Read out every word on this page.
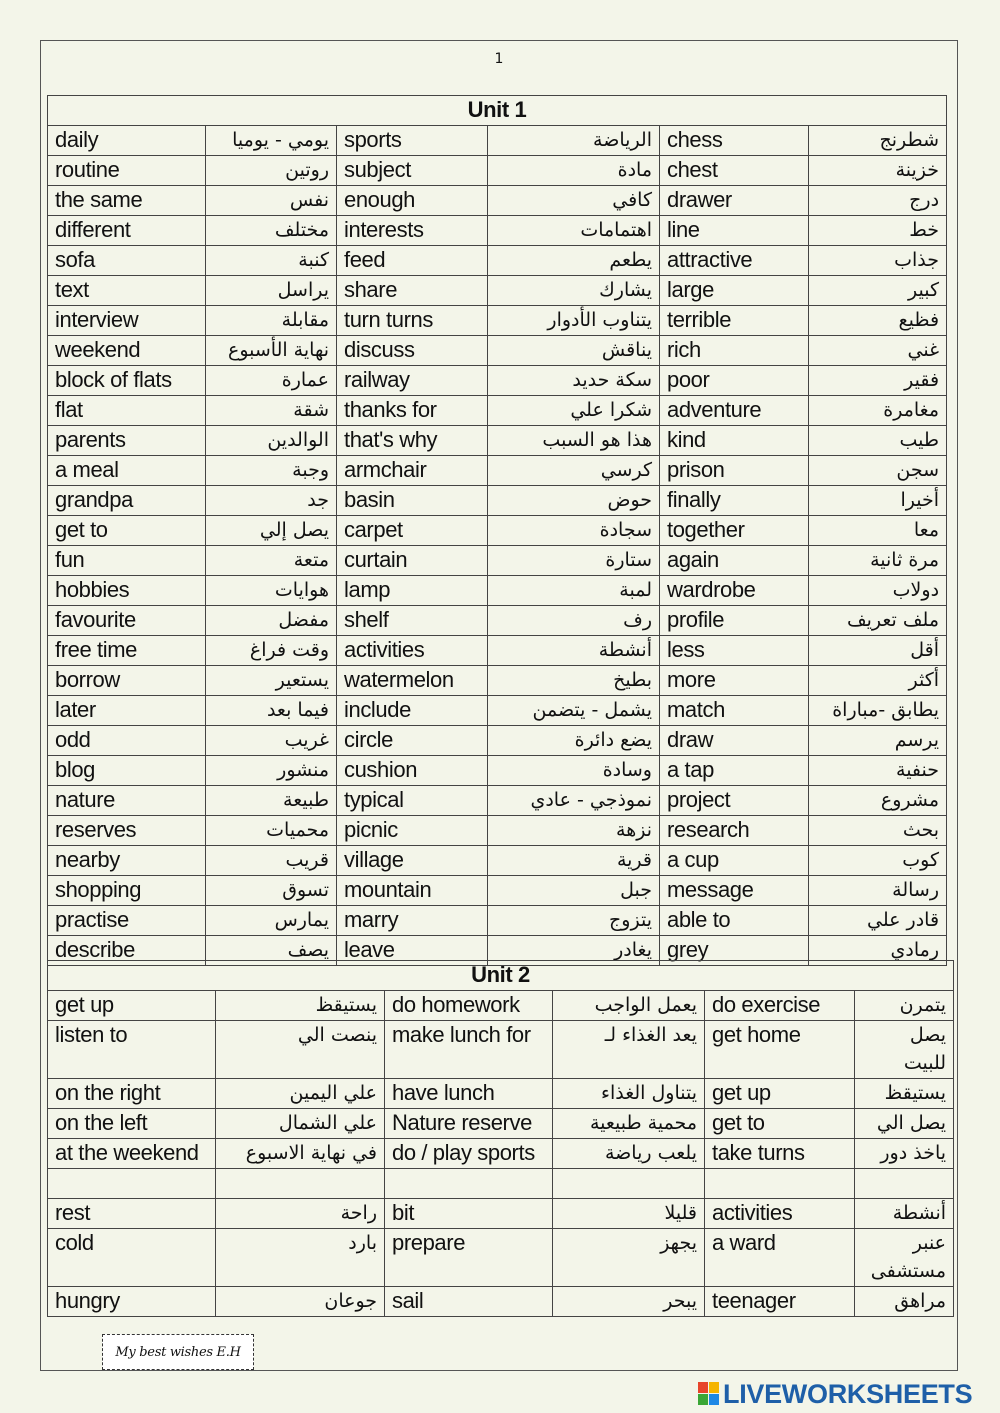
1
Unit 1					
daily	يومي - يوميا	sports	الرياضة	chess	شطرنج
routine	روتين	subject	مادة	chest	خزينة
the same	نفس	enough	كافي	drawer	درج
different	مختلف	interests	اهتمامات	line	خط
sofa	كنبة	feed	يطعم	attractive	جذاب
text	يراسل	share	يشارك	large	كبير
interview	مقابلة	turn turns	يتناوب الأدوار	terrible	فظيع
weekend	نهاية الأسبوع	discuss	يناقش	rich	غني
block of flats	عمارة	railway	سكة حديد	poor	فقير
flat	شقة	thanks for	شكرا علي	adventure	مغامرة
parents	الوالدين	that's why	هذا هو السبب	kind	طيب
a meal	وجبة	armchair	كرسي	prison	سجن
grandpa	جد	basin	حوض	finally	أخيرا
get to	يصل إلي	carpet	سجادة	together	معا
fun	متعة	curtain	ستارة	again	مرة ثانية
hobbies	هوايات	lamp	لمبة	wardrobe	دولاب
favourite	مفضل	shelf	رف	profile	ملف تعريف
free time	وقت فراغ	activities	أنشطة	less	أقل
borrow	يستعير	watermelon	بطيخ	more	أكثر
later	فيما بعد	include	يشمل - يتضمن	match	يطابق -مباراة
odd	غريب	circle	يضع دائرة	draw	يرسم
blog	منشور	cushion	وسادة	a tap	حنفية
nature	طبيعة	typical	نموذجي - عادي	project	مشروع
reserves	محميات	picnic	نزهة	research	بحث
nearby	قريب	village	قرية	a cup	كوب
shopping	تسوق	mountain	جبل	message	رسالة
practise	يمارس	marry	يتزوج	able to	قادر علي
describe	يصف	leave	يغادر	grey	رمادي
Unit 2					
get up	يستيقظ	do homework	يعمل الواجب	do exercise	يتمرن
listen to	ينصت الي	make lunch for	يعد الغذاء لـ	get home	يصل للبيت
on the right	علي اليمين	have lunch	يتناول الغذاء	get up	يستيقظ
on the left	علي الشمال	Nature reserve	محمية طبيعية	get to	يصل الي
at the weekend	في نهاية الاسبوع	do / play sports	يلعب رياضة	take turns	ياخذ دور

rest	راحة	bit	قليلا	activities	أنشطة
cold	بارد	prepare	يجهز	a ward	عنبر مستشفى
hungry	جوعان	sail	يبحر	teenager	مراهق
My best wishes E.H
LIVEWORKSHEETS
